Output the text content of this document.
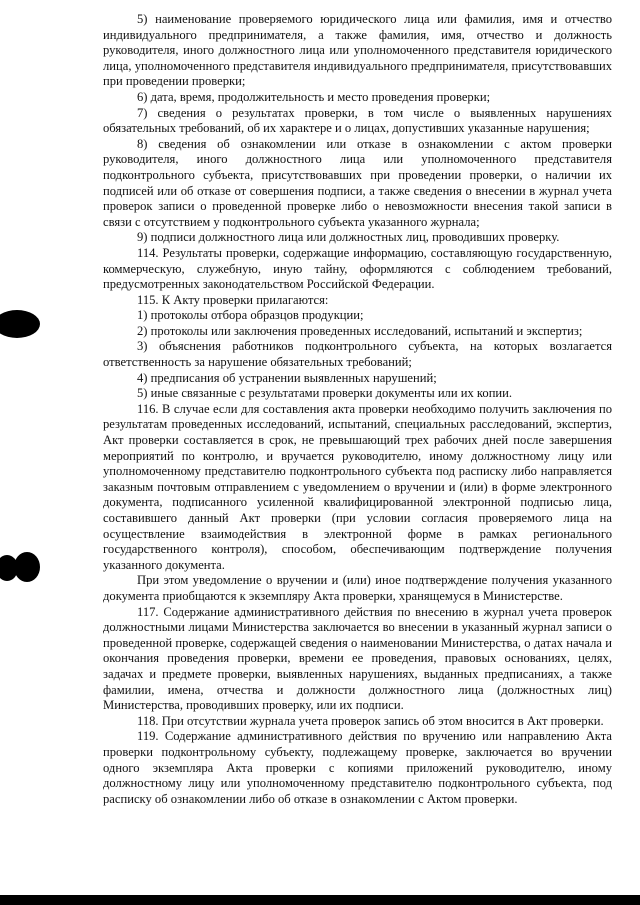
5) наименование проверяемого юридического лица или фамилия, имя и отчество индивидуального предпринимателя, а также фамилия, имя, отчество и должность руководителя, иного должностного лица или уполномоченного представителя юридического лица, уполномоченного представителя индивидуального предпринимателя, присутствовавших при проведении проверки;

6) дата, время, продолжительность и место проведения проверки;

7) сведения о результатах проверки, в том числе о выявленных нарушениях обязательных требований, об их характере и о лицах, допустивших указанные нарушения;

8) сведения об ознакомлении или отказе в ознакомлении с актом проверки руководителя, иного должностного лица или уполномоченного представителя подконтрольного субъекта, присутствовавших при проведении проверки, о наличии их подписей или об отказе от совершения подписи, а также сведения о внесении в журнал учета проверок записи о проведенной проверке либо о невозможности внесения такой записи в связи с отсутствием у подконтрольного субъекта указанного журнала;

9) подписи должностного лица или должностных лиц, проводивших проверку.

114. Результаты проверки, содержащие информацию, составляющую государственную, коммерческую, служебную, иную тайну, оформляются с соблюдением требований, предусмотренных законодательством Российской Федерации.

115. К Акту проверки прилагаются:

1) протоколы отбора образцов продукции;

2) протоколы или заключения проведенных исследований, испытаний и экспертиз;

3) объяснения работников подконтрольного субъекта, на которых возлагается ответственность за нарушение обязательных требований;

4) предписания об устранении выявленных нарушений;

5) иные связанные с результатами проверки документы или их копии.

116. В случае если для составления акта проверки необходимо получить заключения по результатам проведенных исследований, испытаний, специальных расследований, экспертиз, Акт проверки составляется в срок, не превышающий трех рабочих дней после завершения мероприятий по контролю, и вручается руководителю, иному должностному лицу или уполномоченному представителю подконтрольного субъекта под расписку либо направляется заказным почтовым отправлением с уведомлением о вручении и (или) в форме электронного документа, подписанного усиленной квалифицированной электронной подписью лица, составившего данный Акт проверки (при условии согласия проверяемого лица на осуществление взаимодействия в электронной форме в рамках регионального государственного контроля), способом, обеспечивающим подтверждение получения указанного документа.

При этом уведомление о вручении и (или) иное подтверждение получения указанного документа приобщаются к экземпляру Акта проверки, хранящемуся в Министерстве.

117. Содержание административного действия по внесению в журнал учета проверок должностными лицами Министерства заключается во внесении в указанный журнал записи о проведенной проверке, содержащей сведения о наименовании Министерства, о датах начала и окончания проведения проверки, времени ее проведения, правовых основаниях, целях, задачах и предмете проверки, выявленных нарушениях, выданных предписаниях, а также фамилии, имена, отчества и должности должностного лица (должностных лиц) Министерства, проводивших проверку, или их подписи.

118. При отсутствии журнала учета проверок запись об этом вносится в Акт проверки.

119. Содержание административного действия по вручению или направлению Акта проверки подконтрольному субъекту, подлежащему проверке, заключается во вручении одного экземпляра Акта проверки с копиями приложений руководителю, иному должностному лицу или уполномоченному представителю подконтрольного субъекта, под расписку об ознакомлении либо об отказе в ознакомлении с Актом проверки.
